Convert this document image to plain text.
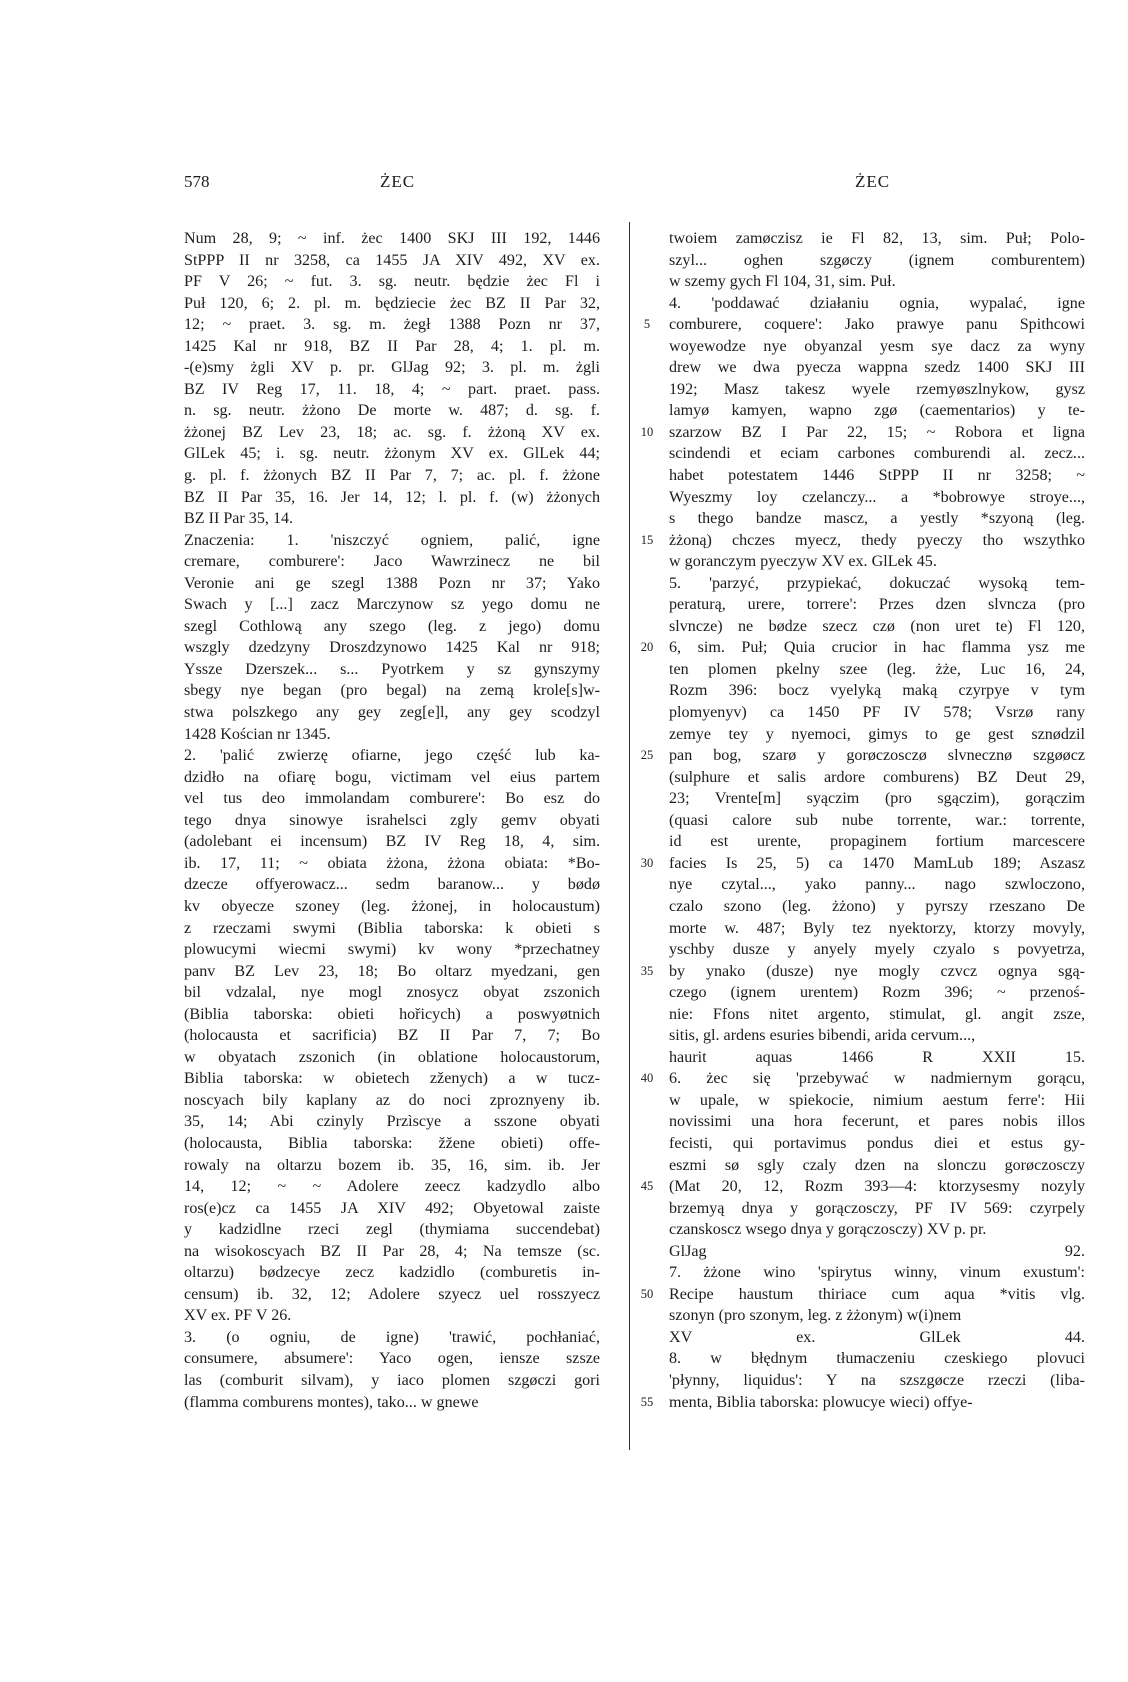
578	ŻEC	ŻEC
Num 28, 9; ~ inf. żec 1400 SKJ III 192, 1446
StPPP II nr 3258, ca 1455 JA XIV 492, XV ex.
PF V 26; ~ fut. 3. sg. neutr. będzie żec Fl i
Puł 120, 6; 2. pl. m. będziecie żec BZ II Par 32,
12; ~ praet. 3. sg. m. żegł 1388 Pozn nr 37,
1425 Kal nr 918, BZ II Par 28, 4; 1. pl. m.
-(e)smy żgli XV p. pr. GlJag 92; 3. pl. m. żgli
BZ IV Reg 17, 11. 18, 4; ~ part. praet. pass.
n. sg. neutr. żżono De morte w. 487; d. sg. f.
żżonej BZ Lev 23, 18; ac. sg. f. żżoną XV ex.
GlLek 45; i. sg. neutr. żżonym XV ex. GlLek 44;
g. pl. f. żżonych BZ II Par 7, 7; ac. pl. f. żżone
BZ II Par 35, 16. Jer 14, 12; l. pl. f. (w) żżonych
BZ II Par 35, 14.
Znaczenia: 1. 'niszczyć ogniem, palić, igne
cremare, comburere': Jaco Wawrzinecz ne bil
Veronie ani ge szegl 1388 Pozn nr 37; Yako
Swach y [...] zacz Marczynow sz yego domu ne
szegl Cothlową any szego (leg. z jego) domu
wszgly dzedzyny Droszdzynowo 1425 Kal nr 918;
Yssze Dzerszek... s... Pyotrkem y sz gynszymy
sbegy nye began (pro begal) na zemą krole[s]w-
stwa polszkego any gey zeg[e]l, any gey scodzyl
1428 Kościan nr 1345.
2. 'palić zwierzę ofiarne, jego część lub ka-
dzidło na ofiarę bogu, victimam vel eius partem
vel tus deo immolandam comburere': Bo esz do
tego dnya sinowye israhelsci zgly gemv obyati
(adolebant ei incensum) BZ IV Reg 18, 4, sim.
ib. 17, 11; ~ obiata żżona, żżona obiata: *Bo-
dzecze offyerowacz... sedm baranow... y bødø
kv obyecze szoney (leg. żżonej, in holocaustum)
z rzeczami swymi (Biblia taborska: k obieti s
plowucymi wiecmi swymi) kv wony *przechatney
panv BZ Lev 23, 18; Bo oltarz myedzani, gen
bil vdzalal, nye mogl znosycz obyat zszonich
(Biblia taborska: obieti hořicych) a poswyøtnich
(holocausta et sacrificia) BZ II Par 7, 7; Bo
w obyatach zszonich (in oblatione holocaustorum,
Biblia taborska: w obietech zženych) a w tucz-
noscyach bily kaplany az do noci zproznyeny ib.
35, 14; Abi czinyly Przìscye a sszone obyati
(holocausta, Biblia taborska: žžene obieti) offe-
rowaly na oltarzu bozem ib. 35, 16, sim. ib. Jer
14, 12; ~ ~ Adolere zeecz kadzydlo albo
ros(e)cz ca 1455 JA XIV 492; Obyetowal zaiste
y kadzidlne rzeci zegl (thymiama succendebat)
na wisokoscyach BZ II Par 28, 4; Na temsze (sc.
oltarzu) bødzecye zecz kadzidlo (comburetis in-
censum) ib. 32, 12; Adolere szyecz uel rosszyecz
XV ex. PF V 26.
3. (o ogniu, de igne) 'trawić, pochłaniać,
consumere, absumere': Yaco ogen, iensze szsze
las (comburit silvam), y iaco plomen szgøczi gori
(flamma comburens montes), tako... w gnewe
5
10
15
20
25
30
35
40
45
50
55
twoiem zamøczisz ie Fl 82, 13, sim. Puł; Polo-
szyl... oghen szgøczy (ignem comburentem)
w szemy gych Fl 104, 31, sim. Puł.
4. 'poddawać działaniu ognia, wypalać, igne
comburere, coquere': Jako prawye panu Spithcowi
woyewodze nye obyanzal yesm sye dacz za wyny
drew we dwa pyecza wappna szedz 1400 SKJ III
192; Masz takesz wyele rzemyøszlnykow, gysz
lamyø kamyen, wapno zgø (caementarios) y te-
szarzow BZ I Par 22, 15; ~ Robora et ligna
scindendi et eciam carbones comburendi al. zecz...
habet potestatem 1446 StPPP II nr 3258; ~
Wyeszmy loy czelanczy... a *bobrowye stroye...,
s thego bandze mascz, a yestly *szyoną (leg.
żżoną) chczes myecz, thedy pyeczy tho wszythko
w goranczym pyeczyw XV ex. GlLek 45.
5. 'parzyć, przypiekać, dokuczać wysoką tem-
peraturą, urere, torrere': Przes dzen slvncza (pro
slvncze) ne bødze szecz czø (non uret te) Fl 120,
6, sim. Puł; Quia crucior in hac flamma ysz me
ten plomen pkelny szee (leg. żże, Luc 16, 24,
Rozm 396: bocz vyelyką maką czyrpye v tym
plomyenyv) ca 1450 PF IV 578; Vsrzø rany
zemye tey y nyemoci, gimys to ge gest sznødzil
pan bog, szarø y gorøczosczø slvnecznø szgøøcz
(sulphure et salis ardore comburens) BZ Deut 29,
23; Vrente[m] syączim (pro sgączim), gorączim
(quasi calore sub nube torrente, war.: torrente,
id est urente, propaginem fortium marcescere
facies Is 25, 5) ca 1470 MamLub 189; Aszasz
nye czytal..., yako panny... nago szwloczono,
czalo szono (leg. żżono) y pyrszy rzeszano De
morte w. 487; Byly tez nyektorzy, ktorzy movyly,
yschby dusze y anyely myely czyalo s povyetrza,
by ynako (dusze) nye mogly czvcz ognya sgą-
czego (ignem urentem) Rozm 396; ~ przenoś-
nie: Ffons nitet argento, stimulat, gl. angit zsze,
sitis, gl. ardens esuries bibendi, arida cervum...,
haurit aquas 1466 R XXII 15.
6. żec się 'przebywać w nadmiernym gorącu,
w upale, w spiekocie, nimium aestum ferre': Hii
novissimi una hora fecerunt, et pares nobis illos
fecisti, qui portavimus pondus diei et estus gy-
eszmi sø sgly czaly dzen na slonczu gorøczosczy
(Mat 20, 12, Rozm 393—4: ktorzysesmy nozyly
brzemyą dnya y gorączosczy, PF IV 569: czyrpely
czanskoscz wsego dnya y gorączosczy) XV p. pr.
GlJag 92.
7. żżone wino 'spirytus winny, vinum exustum':
Recipe haustum thiriace cum aqua *vitis vlg.
szonyn (pro szonym, leg. z żżonym) w(i)nem
XV ex. GlLek 44.
8. w błędnym tłumaczeniu czeskiego plovuci
'płynny, liquidus': Y na szszgøcze rzeczi (liba-
menta, Biblia taborska: plowucye wieci) offye-
